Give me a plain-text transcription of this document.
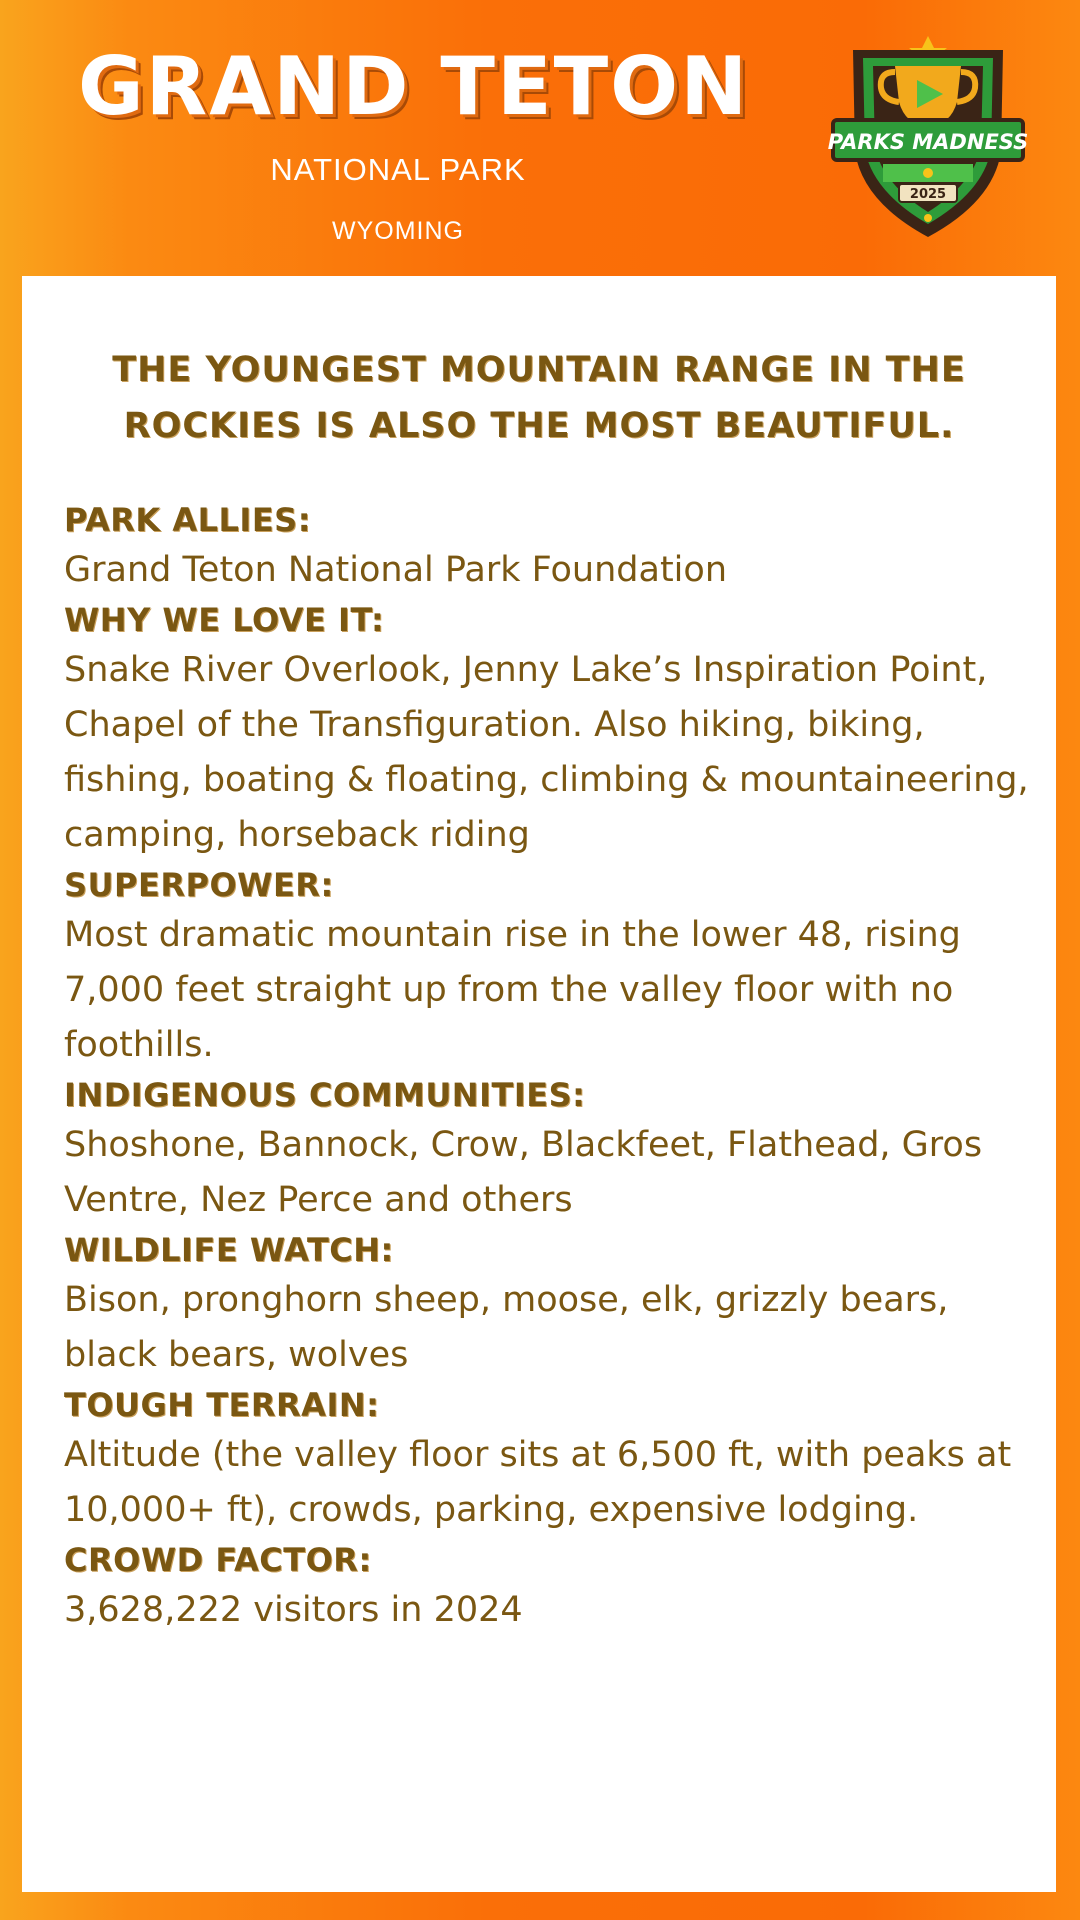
GRAND TETON
NATIONAL PARK
WYOMING
PARKS MADNESS
2025
THE YOUNGEST MOUNTAIN RANGE IN THE
ROCKIES IS ALSO THE MOST BEAUTIFUL.
PARK ALLIES:
Grand Teton National Park Foundation
WHY WE LOVE IT:
Snake River Overlook, Jenny Lake’s Inspiration Point, Chapel of the Transfiguration. Also hiking, biking, fishing, boating & floating, climbing & mountaineering, camping, horseback riding
SUPERPOWER:
Most dramatic mountain rise in the lower 48, rising 7,000 feet straight up from the valley floor with no foothills.
INDIGENOUS COMMUNITIES:
Shoshone, Bannock, Crow, Blackfeet, Flathead, Gros Ventre, Nez Perce and others
WILDLIFE WATCH:
Bison, pronghorn sheep, moose, elk, grizzly bears, black bears, wolves
TOUGH TERRAIN:
Altitude (the valley floor sits at 6,500 ft, with peaks at 10,000+ ft), crowds, parking, expensive lodging.
CROWD FACTOR:
3,628,222 visitors in 2024
